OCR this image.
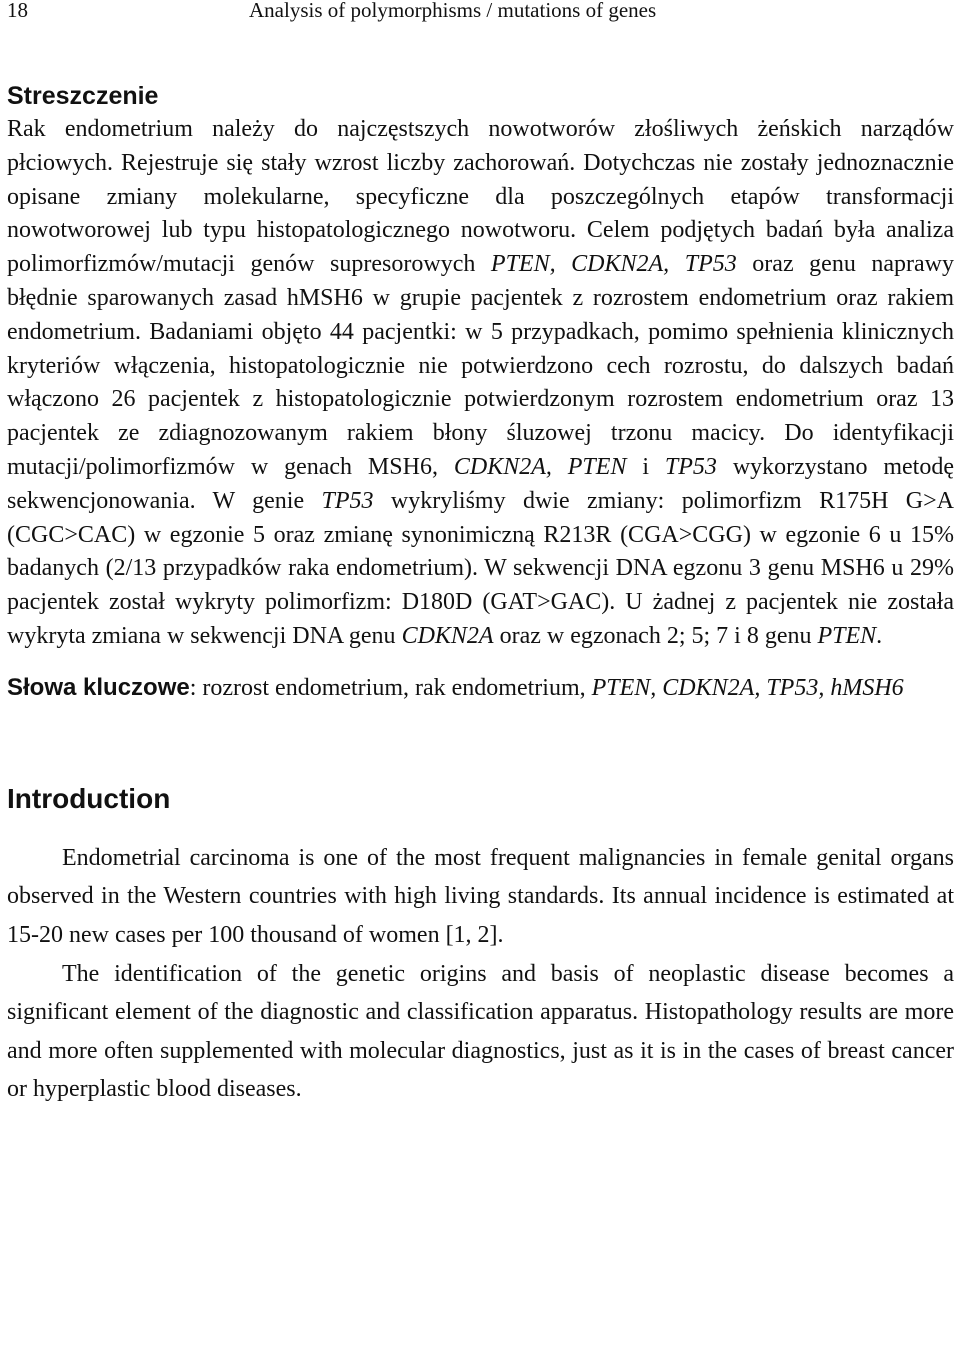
18	Analysis of polymorphisms / mutations of genes
Streszczenie

Rak endometrium należy do najczęstszych nowotworów złośliwych żeńskich narządów płciowych. Rejestruje się stały wzrost liczby zachorowań. Dotychczas nie zostały jednoznacznie opisane zmiany molekularne, specyficzne dla poszczególnych etapów transformacji nowotworowej lub typu histopatologicznego nowotworu. Celem podjętych badań była analiza polimorfizmów/mutacji genów supresorowych PTEN, CDKN2A, TP53 oraz genu naprawy błędnie sparowanych zasad hMSH6 w grupie pacjentek z rozrostem endometrium oraz rakiem endometrium. Badaniami objęto 44 pacjentki: w 5 przypadkach, pomimo spełnienia klinicznych kryteriów włączenia, histopatologicznie nie potwierdzono cech rozrostu, do dalszych badań włączono 26 pacjentek z histopatologicznie potwierdzonym rozrostem endometrium oraz 13 pacjentek ze zdiagnozowanym rakiem błony śluzowej trzonu macicy. Do identyfikacji mutacji/polimorfizmów w genach MSH6, CDKN2A, PTEN i TP53 wykorzystano metodę sekwencjonowania. W genie TP53 wykryliśmy dwie zmiany: polimorfizm R175H G>A (CGC>CAC) w egzonie 5 oraz zmianę synonimiczną R213R (CGA>CGG) w egzonie 6 u 15% badanych (2/13 przypadków raka endometrium). W sekwencji DNA egzonu 3 genu MSH6 u 29% pacjentek został wykryty polimorfizm: D180D (GAT>GAC). U żadnej z pacjentek nie została wykryta zmiana w sekwencji DNA genu CDKN2A oraz w egzonach 2; 5; 7 i 8 genu PTEN.

Słowa kluczowe: rozrost endometrium, rak endometrium, PTEN, CDKN2A, TP53, hMSH6

Introduction

Endometrial carcinoma is one of the most frequent malignancies in female genital organs observed in the Western countries with high living standards. Its annual incidence is estimated at 15-20 new cases per 100 thousand of women [1, 2].

The identification of the genetic origins and basis of neoplastic disease becomes a significant element of the diagnostic and classification apparatus. Histopathology results are more and more often supplemented with molecular diagnostics, just as it is in the cases of breast cancer or hyperplastic blood diseases.
